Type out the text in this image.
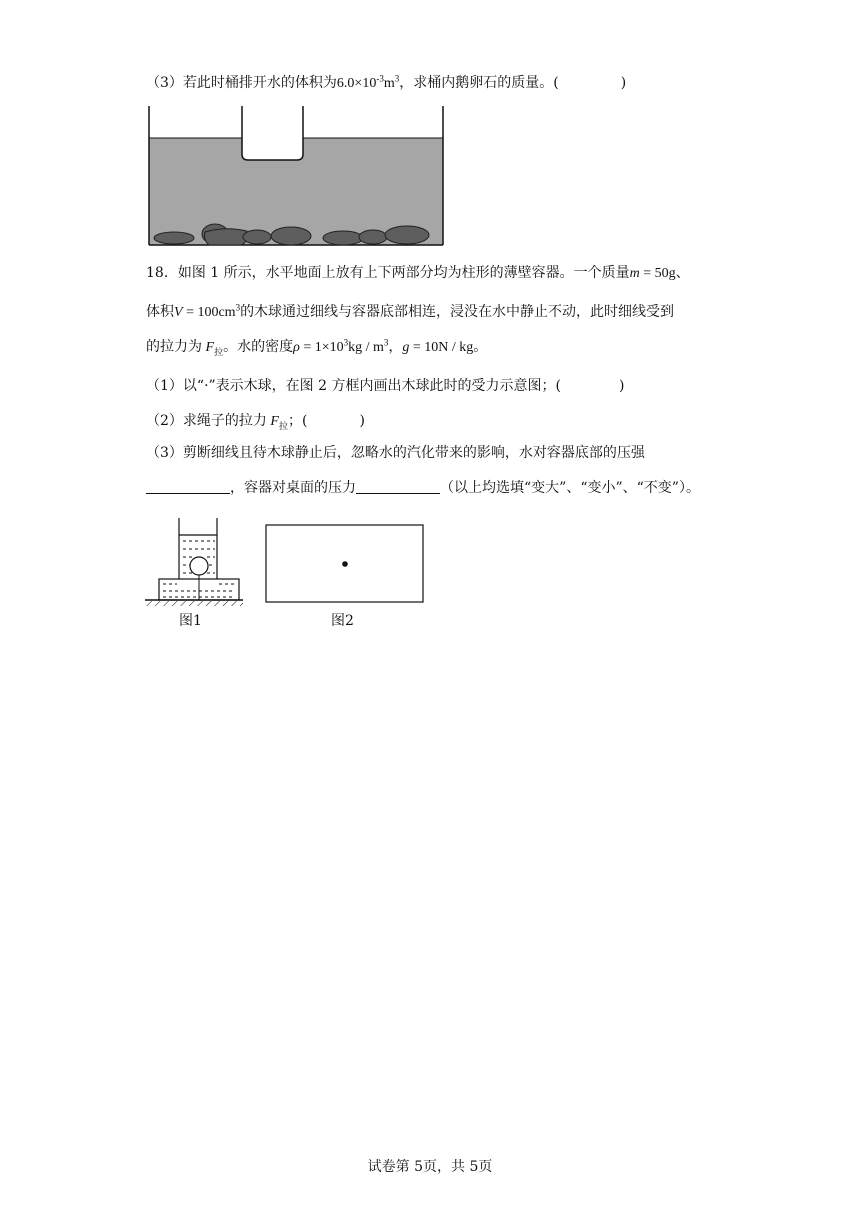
（3）若此时桶排开水的体积为$6.0\times 10^{-3}m^3$，求桶内鹅卵石的质量。(	)
18．如图 1 所示，水平地面上放有上下两部分均为柱形的薄壁容器。一个质量m = 50g、
体积$V = 100cm^3$的木球通过细线与容器底部相连，浸没在水中静止不动，此时细线受到
的拉力为 $F_拉$。水的密度$\rho = 1\times 10^3kg / m^3$，g = 10N / kg。
（1）以“·”表示木球，在图 2 方框内画出木球此时的受力示意图；(	)
（2）求绳子的拉力 $F_拉$；(	)
（3）剪断细线且待木球静止后，忽略水的汽化带来的影响，水对容器底部的压强
，容器对桌面的压力	（以上均选填“变大”、“变小”、“不变”）。
图1	图2
试卷第 5页，共 5页
